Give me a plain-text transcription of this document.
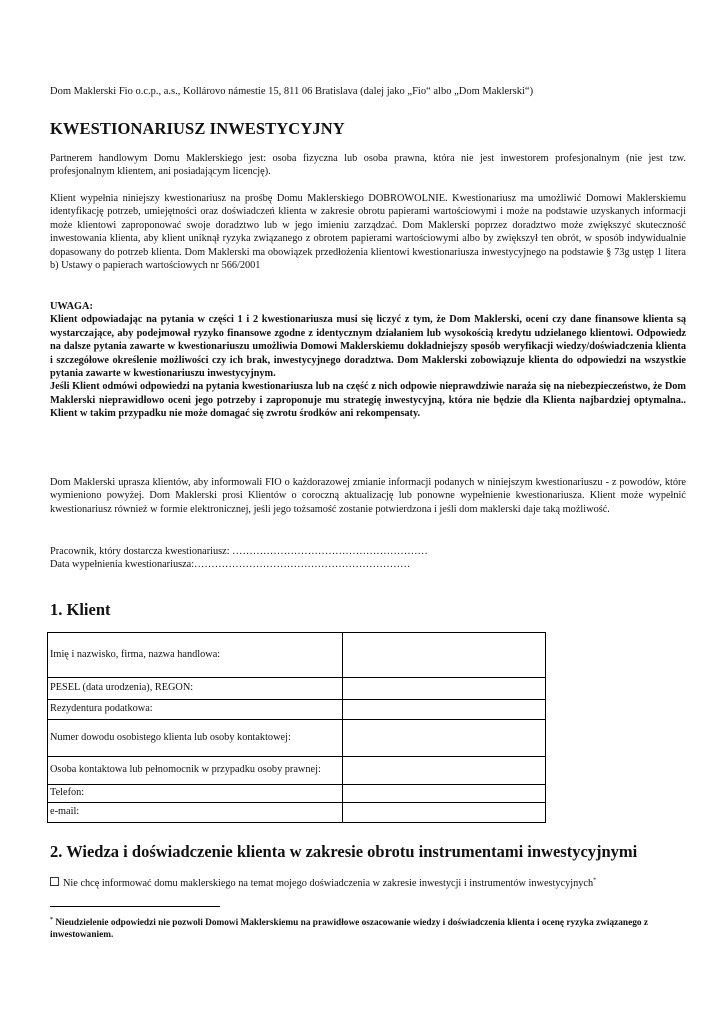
Dom Maklerski Fio o.c.p., a.s., Kollárovo námestie 15, 811 06 Bratislava (dalej jako „Fio“ albo „Dom Maklerski“)
KWESTIONARIUSZ INWESTYCYJNY

Partnerem handlowym Domu Maklerskiego jest: osoba fizyczna lub osoba prawna, która nie jest inwestorem profesjonalnym (nie jest tzw. profesjonalnym klientem, ani posiadającym licencję).

Klient wypełnia niniejszy kwestionariusz na prośbę Domu Maklerskiego DOBROWOLNIE. Kwestionariusz ma umożliwić Domowi Maklerskiemu identyfikację potrzeb, umiejętności oraz doświadczeń klienta w zakresie obrotu papierami wartościowymi i może na podstawie uzyskanych informacji może klientowi zaproponować swoje doradztwo lub w jego imieniu zarządzać. Dom Maklerski poprzez doradztwo może zwiększyć skuteczność inwestowania klienta, aby klient uniknął ryzyka związanego z obrotem papierami wartościowymi albo by zwiększył ten obrót, w sposób indywidualnie dopasowany do potrzeb klienta. Dom Maklerski ma obowiązek przedłożenia klientowi kwestionariusza inwestycyjnego na podstawie § 73g ustęp 1 litera b) Ustawy o papierach wartościowych nr 566/2001

UWAGA:
Klient odpowiadając na pytania w części 1 i 2 kwestionariusza musi się liczyć z tym, że Dom Maklerski, oceni czy dane finansowe klienta są wystarczające, aby podejmował ryzyko finansowe zgodne z identycznym działaniem lub wysokością kredytu udzielanego klientowi. Odpowiedz na dalsze pytania zawarte w kwestionariuszu umożliwia Domowi Maklerskiemu dokładniejszy sposób weryfikacji wiedzy/doświadczenia klienta i szczegółowe określenie możliwości czy ich brak, inwestycyjnego doradztwa. Dom Maklerski zobowiązuje klienta do odpowiedzi na wszystkie pytania zawarte w kwestionariuszu inwestycyjnym.
Jeśli Klient odmówi odpowiedzi na pytania kwestionariusza lub na część z nich odpowie nieprawdziwie naraża się na niebezpieczeństwo, że Dom Maklerski nieprawidłowo oceni jego potrzeby i zaproponuje mu strategię inwestycyjną, która nie będzie dla Klienta najbardziej optymalna.. Klient w takim przypadku nie może domagać się zwrotu środków ani rekompensaty.

Dom Maklerski uprasza klientów, aby informowali FIO o każdorazowej zmianie informacji podanych w niniejszym kwestionariuszu - z powodów, które wymieniono powyżej. Dom Maklerski prosi Klientów o coroczną aktualizację lub ponowne wypełnienie kwestionariusza. Klient może wypełnić kwestionariusz również w formie elektronicznej, jeśli jego tożsamość zostanie potwierdzona i jeśli dom maklerski daje taką możliwość.

Pracownik, który dostarcza kwestionariusz: …………………………………………………
Data wypełnienia kwestionariusza:………………………………………………………
1. Klient
2. Wiedza i doświadczenie klienta w zakresie obrotu instrumentami inwestycyjnymi
Nie chcę informować domu maklerskiego na temat mojego doświadczenia w zakresie inwestycji i instrumentów inwestycyjnych*
* Nieudzielenie odpowiedzi nie pozwoli Domowi Maklerskiemu na prawidłowe oszacowanie wiedzy i doświadczenia klienta i ocenę ryzyka związanego z inwestowaniem.
Imię i nazwisko, firma, nazwa handlowa:	
PESEL (data urodzenia), REGON:	
Rezydentura podatkowa:	
Numer dowodu osobistego klienta lub osoby kontaktowej:	
Osoba kontaktowa lub pełnomocnik w przypadku osoby prawnej:	
Telefon:	
e-mail:	
